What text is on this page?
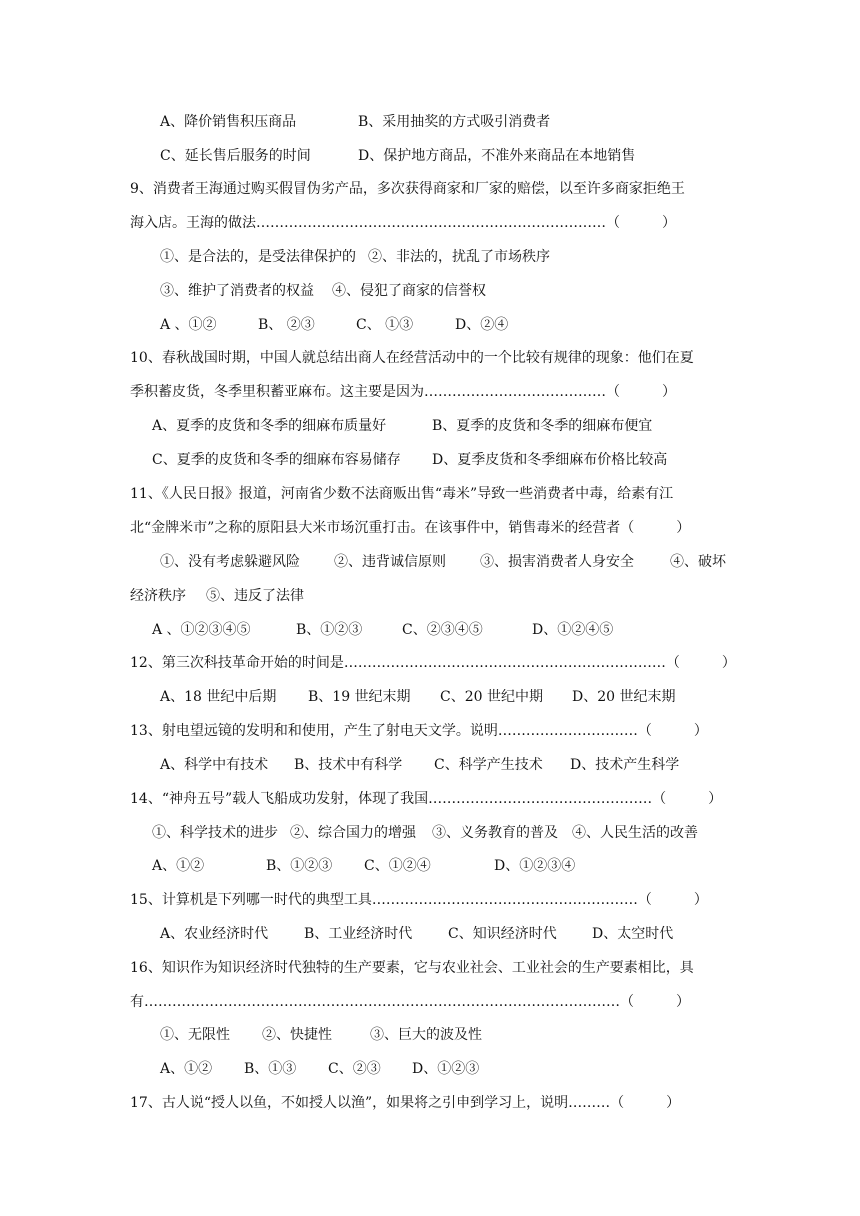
A、降价销售积压商品	B、采用抽奖的方式吸引消费者
C、延长售后服务的时间	D、保护地方商品，不准外来商品在本地销售
9、消费者王海通过购买假冒伪劣产品，多次获得商家和厂家的赔偿，以至许多商家拒绝王
海入店。王海的做法…………………………………………………………………（　　　）
①、是合法的，是受法律保护的 ②、非法的，扰乱了市场秩序
③、维护了消费者的权益 ④、侵犯了商家的信誉权
A 、①②	B、 ②③	C、 ①③	D、②④
10、春秋战国时期，中国人就总结出商人在经营活动中的一个比较有规律的现象：他们在夏
季积蓄皮货，冬季里积蓄亚麻布。这主要是因为…………………………………（　　　）
A、夏季的皮货和冬季的细麻布质量好	B、夏季的皮货和冬季的细麻布便宜
C、夏季的皮货和冬季的细麻布容易储存 D、夏季皮货和冬季细麻布价格比较高
11、《人民日报》报道，河南省少数不法商贩出售“毒米”导致一些消费者中毒，给素有江
北“金牌米市”之称的原阳县大米市场沉重打击。在该事件中，销售毒米的经营者（　　　）
①、没有考虑躲避风险 ②、违背诚信原则 ③、损害消费者人身安全	④、破坏
经济秩序 ⑤、违反了法律
A 、①②③④⑤	B、①②③	C、②③④⑤	D、①②④⑤
12、第三次科技革命开始的时间是……………………………………………………………（　　　）
A、18 世纪中后期 B、19 世纪末期 C、20 世纪中期 D、20 世纪末期
13、射电望远镜的发明和和使用，产生了射电天文学。说明…………………………（　　　）
A、科学中有技术 B、技术中有科学 C、科学产生技术 D、技术产生科学
14、“神舟五号”载人飞船成功发射，体现了我国…………………………………………（　　　）
①、科学技术的进步 ②、综合国力的增强 ③、义务教育的普及 ④、人民生活的改善
A、①②	B、①②③ C、①②④	D、①②③④
15、计算机是下列哪一时代的典型工具…………………………………………………（　　　）
A、农业经济时代	B、工业经济时代	C、知识经济时代	D、太空时代
16、知识作为知识经济时代独特的生产要素，它与农业社会、工业社会的生产要素相比，具
有…………………………………………………………………………………………（　　　）
①、无限性 ②、快捷性	③、巨大的波及性
A、①② B、①③ C、②③ D、①②③
17、古人说“授人以鱼，不如授人以渔”，如果将之引申到学习上，说明………（　　　）
